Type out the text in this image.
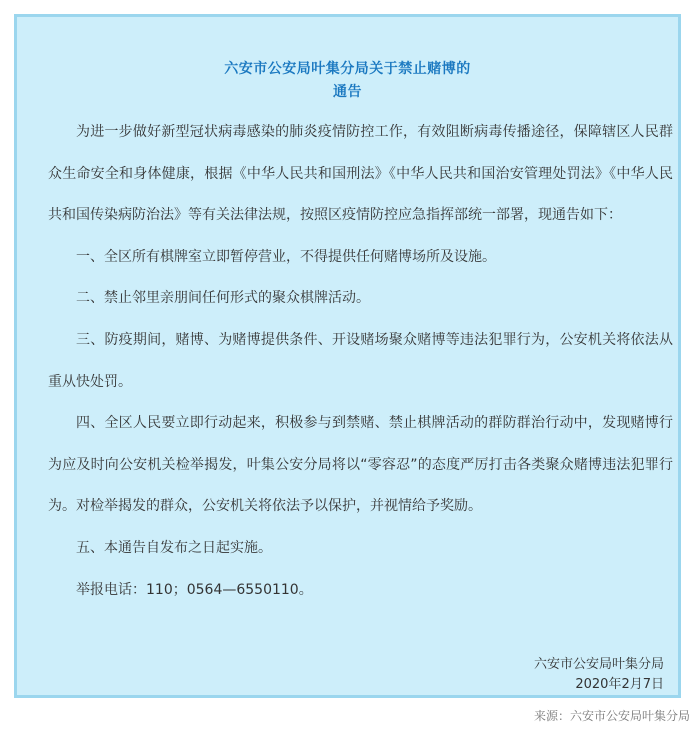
六安市公安局叶集分局关于禁止赌博的
通告

为进一步做好新型冠状病毒感染的肺炎疫情防控工作，有效阻断病毒传播途径，保障辖区人民群众生命安全和身体健康，根据《中华人民共和国刑法》《中华人民共和国治安管理处罚法》《中华人民共和国传染病防治法》等有关法律法规，按照区疫情防控应急指挥部统一部署，现通告如下：

一、全区所有棋牌室立即暂停营业，不得提供任何赌博场所及设施。

二、禁止邻里亲朋间任何形式的聚众棋牌活动。

三、防疫期间，赌博、为赌博提供条件、开设赌场聚众赌博等违法犯罪行为，公安机关将依法从重从快处罚。

四、全区人民要立即行动起来，积极参与到禁赌、禁止棋牌活动的群防群治行动中，发现赌博行为应及时向公安机关检举揭发，叶集公安分局将以“零容忍”的态度严厉打击各类聚众赌博违法犯罪行为。对检举揭发的群众，公安机关将依法予以保护，并视情给予奖励。

五、本通告自发布之日起实施。

举报电话：110；0564—6550110。

六安市公安局叶集分局
2020年2月7日
来源：六安市公安局叶集分局
